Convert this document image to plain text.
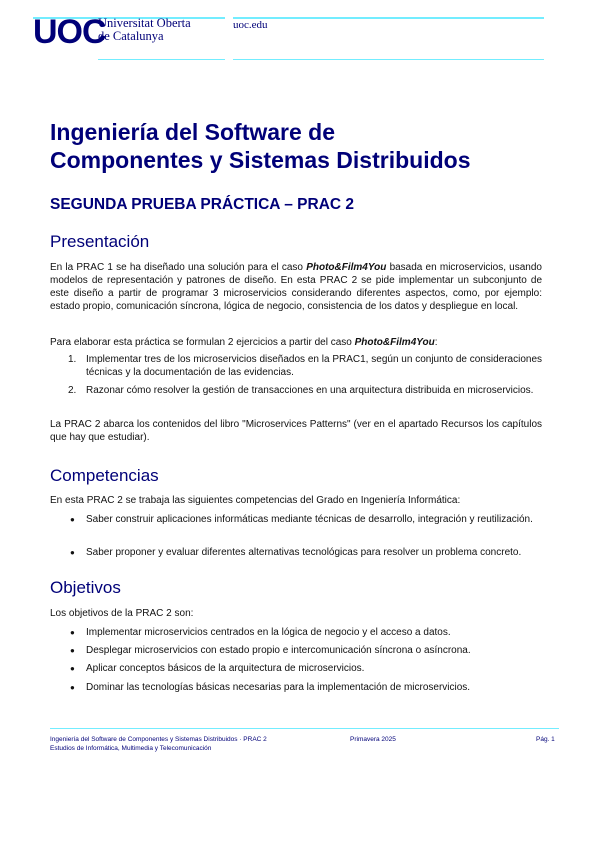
UOC
Universitat Oberta
de Catalunya
uoc.edu
Ingeniería del Software de
Componentes y Sistemas Distribuidos
SEGUNDA PRUEBA PRÁCTICA – PRAC 2
Presentación

En la PRAC 1 se ha diseñado una solución para el caso Photo&Film4You basada en microservicios, usando modelos de representación y patrones de diseño. En esta PRAC 2 se pide implementar un subconjunto de este diseño a partir de programar 3 microservicios considerando diferentes aspectos, como, por ejemplo: estado propio, comunicación síncrona, lógica de negocio, consistencia de los datos y despliegue en local.

Para elaborar esta práctica se formulan 2 ejercicios a partir del caso Photo&Film4You:

1. Implementar tres de los microservicios diseñados en la PRAC1, según un conjunto de consideraciones técnicas y la documentación de las evidencias.
2. Razonar cómo resolver la gestión de transacciones en una arquitectura distribuida en microservicios.

La PRAC 2 abarca los contenidos del libro "Microservices Patterns" (ver en el apartado Recursos los capítulos que hay que estudiar).

Competencias

En esta PRAC 2 se trabaja las siguientes competencias del Grado en Ingeniería Informática:

● Saber construir aplicaciones informáticas mediante técnicas de desarrollo, integración y reutilización.
● Saber proponer y evaluar diferentes alternativas tecnológicas para resolver un problema concreto.
Objetivos

Los objetivos de la PRAC 2 son:

● Implementar microservicios centrados en la lógica de negocio y el acceso a datos.
● Desplegar microservicios con estado propio e intercomunicación síncrona o asíncrona.
● Aplicar conceptos básicos de la arquitectura de microservicios.
● Dominar las tecnologías básicas necesarias para la implementación de microservicios.
Ingeniería del Software de Componentes y Sistemas Distribuidos · PRAC 2
Estudios de Informática, Multimedia y Telecomunicación
Primavera 2025	Pág. 1
